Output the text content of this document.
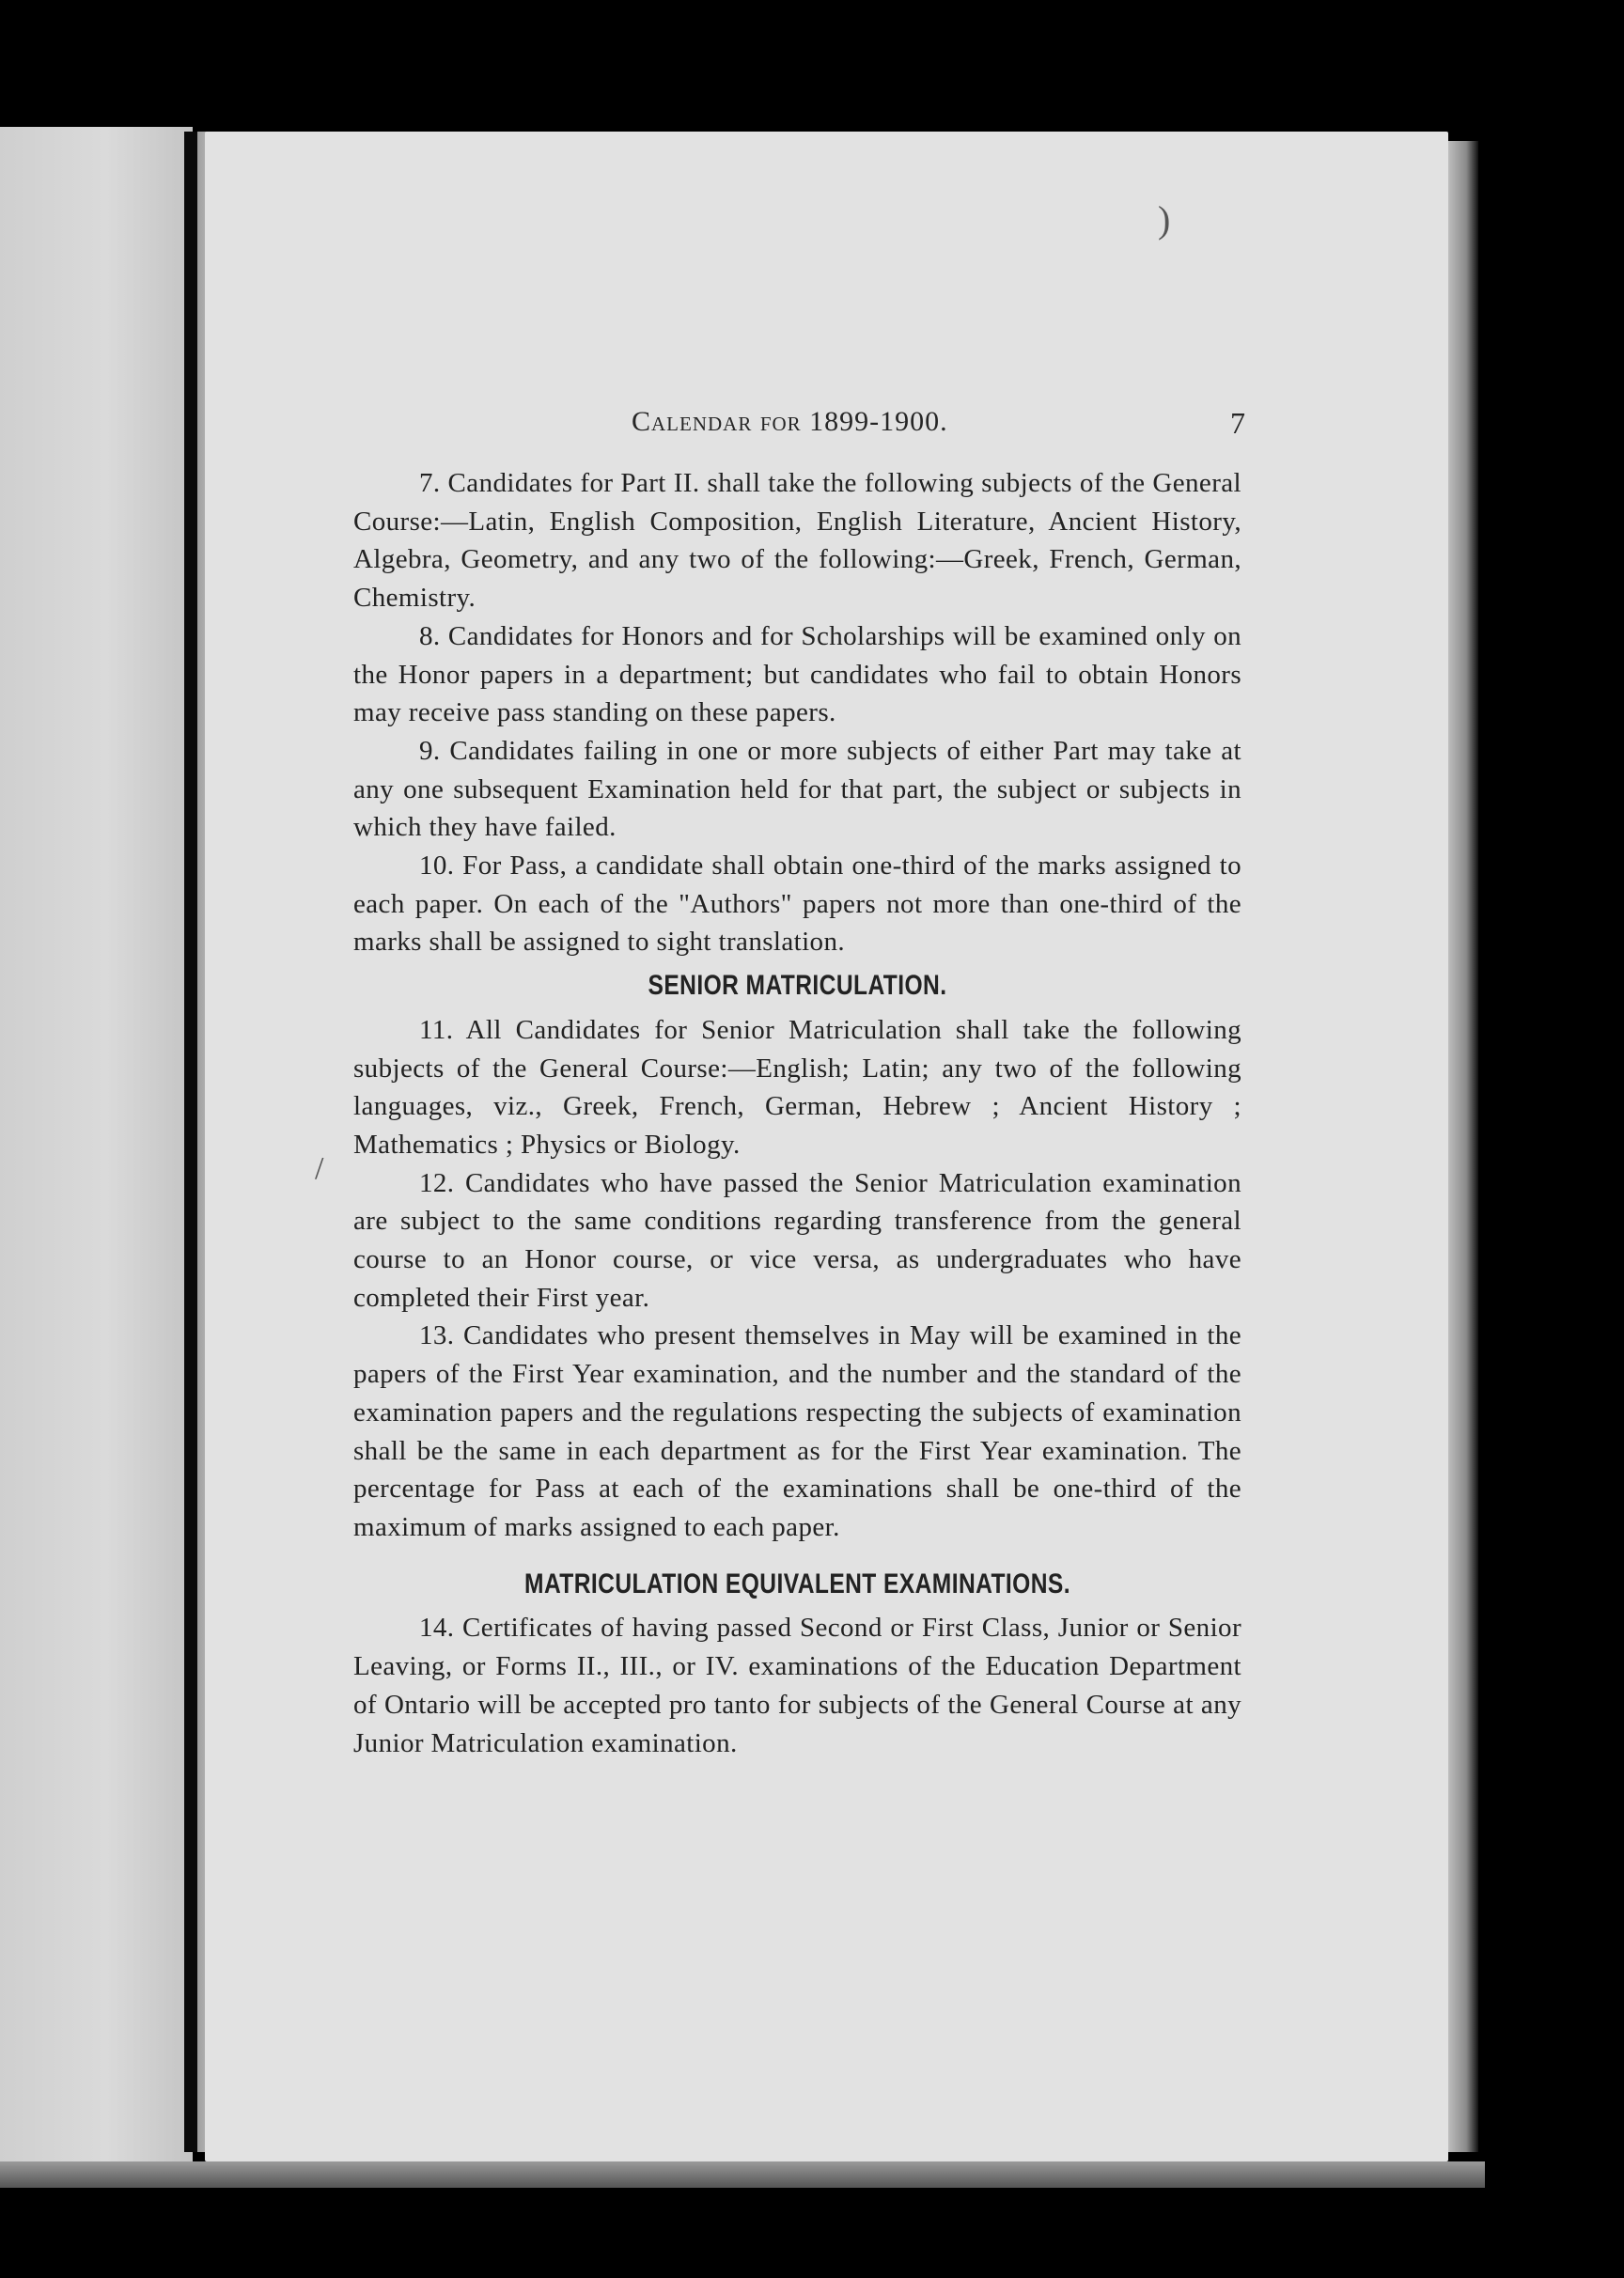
)
/
Calendar for 1899-1900.	7

7. Candidates for Part II. shall take the following subjects of the General Course:—Latin, English Composition, English Literature, Ancient History, Algebra, Geometry, and any two of the following:—Greek, French, German, Chemistry.

8. Candidates for Honors and for Scholarships will be examined only on the Honor papers in a department; but candidates who fail to obtain Honors may receive pass standing on these papers.

9. Candidates failing in one or more subjects of either Part may take at any one subsequent Examination held for that part, the subject or subjects in which they have failed.

10. For Pass, a candidate shall obtain one-third of the marks assigned to each paper. On each of the "Authors" papers not more than one-third of the marks shall be assigned to sight translation.

SENIOR MATRICULATION.

11. All Candidates for Senior Matriculation shall take the following subjects of the General Course:—English; Latin; any two of the following languages, viz., Greek, French, German, Hebrew ; Ancient History ; Mathematics ; Physics or Biology.

12. Candidates who have passed the Senior Matriculation examination are subject to the same conditions regarding transference from the general course to an Honor course, or vice versa, as undergraduates who have completed their First year.

13. Candidates who present themselves in May will be examined in the papers of the First Year examination, and the number and the standard of the examination papers and the regulations respecting the subjects of examination shall be the same in each department as for the First Year examination. The percentage for Pass at each of the examinations shall be one-third of the maximum of marks assigned to each paper.

MATRICULATION EQUIVALENT EXAMINATIONS.

14. Certificates of having passed Second or First Class, Junior or Senior Leaving, or Forms II., III., or IV. examinations of the Education Department of Ontario will be accepted pro tanto for subjects of the General Course at any Junior Matriculation examination.
